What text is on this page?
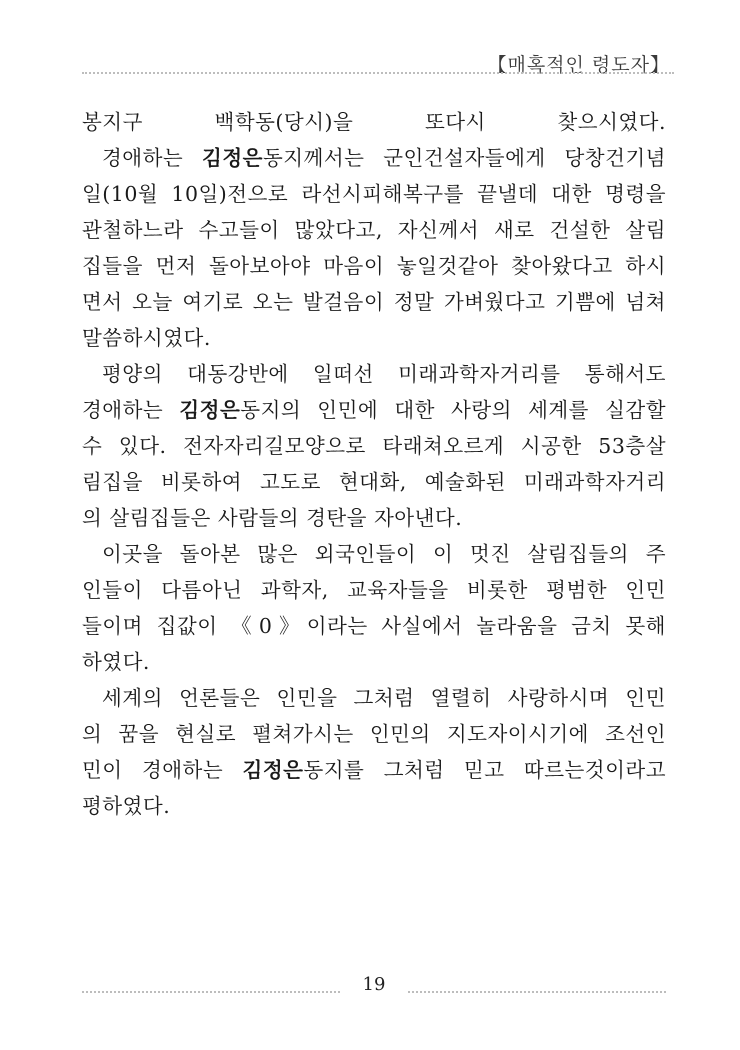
【매혹적인 령도자】
봉지구 백학동(당시)을 또다시 찾으시였다.
경애하는 김정은동지께서는 군인건설자들에게 당창건기념
일(10월 10일)전으로 라선시피해복구를 끝낼데 대한 명령을
관철하느라 수고들이 많았다고, 자신께서 새로 건설한 살림
집들을 먼저 돌아보아야 마음이 놓일것같아 찾아왔다고 하시
면서 오늘 여기로 오는 발걸음이 정말 가벼웠다고 기쁨에 넘쳐
말씀하시였다.
평양의 대동강반에 일떠선 미래과학자거리를 통해서도
경애하는 김정은동지의 인민에 대한 사랑의 세계를 실감할
수 있다. 전자자리길모양으로 타래쳐오르게 시공한 53층살
림집을 비롯하여 고도로 현대화, 예술화된 미래과학자거리
의 살림집들은 사람들의 경탄을 자아낸다.
이곳을 돌아본 많은 외국인들이 이 멋진 살림집들의 주
인들이 다름아닌 과학자, 교육자들을 비롯한 평범한 인민
들이며 집값이 《0》이라는 사실에서 놀라움을 금치 못해
하였다.
세계의 언론들은 인민을 그처럼 열렬히 사랑하시며 인민
의 꿈을 현실로 펼쳐가시는 인민의 지도자이시기에 조선인
민이 경애하는 김정은동지를 그처럼 믿고 따르는것이라고
평하였다.
19
